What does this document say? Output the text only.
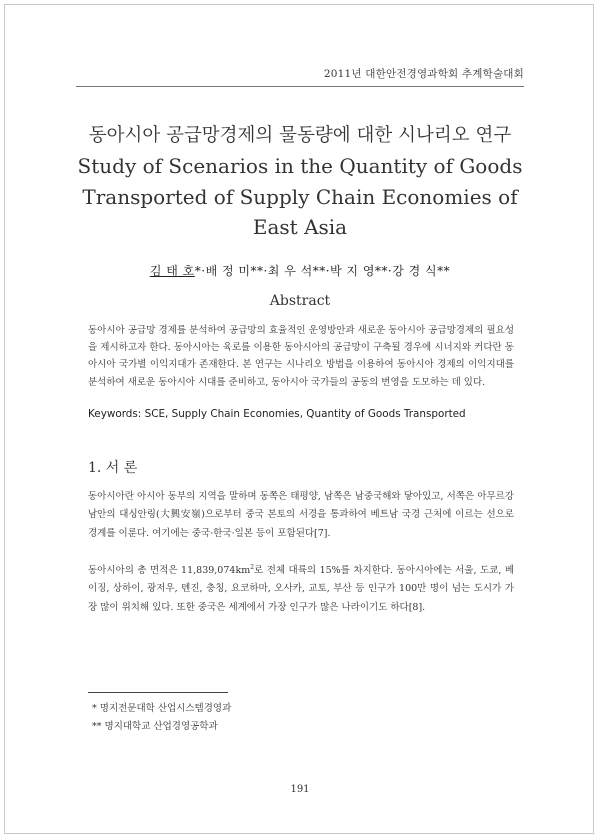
2011년 대한안전경영과학회 추계학술대회
동아시아 공급망경제의 물동량에 대한 시나리오 연구
Study of Scenarios in the Quantity of Goods
Transported of Supply Chain Economies of
East Asia
김 태 호*·배 정 미**·최 우 석**·박 지 영**·강 경 식**
Abstract

동아시아 공급망 경제를 분석하여 공급망의 효율적인 운영방안과 새로운 동아시아 공급망경제의 필요성을 제시하고자 한다. 동아시아는 육로를 이용한 동아시아의 공급망이 구축될 경우에 시너지와 커다란 동아시아 국가별 이익지대가 존재한다. 본 연구는 시나리오 방법을 이용하여 동아시아 경제의 이익지대를 분석하여 새로운 동아시아 시대를 준비하고, 동아시아 국가들의 공동의 번영을 도모하는 데 있다.

Keywords: SCE, Supply Chain Economies, Quantity of Goods Transported

1. 서 론

동아시아란 아시아 동부의 지역을 말하며 동쪽은 태평양, 남쪽은 남중국해와 닿아있고, 서쪽은 아무르강 남안의 대싱안링(大興安嶺)으로부터 중국 본토의 서경을 통과하여 베트남 국경 근처에 이르는 선으로 경계를 이룬다. 여기에는 중국·한국·일본 등이 포함된다[7].

동아시아의 총 면적은 $11,839,074km^2$로 전체 대륙의 15%를 차지한다. 동아시아에는 서울, 도쿄, 베이징, 상하이, 광저우, 톈진, 충칭, 요코하마, 오사카, 교토, 부산 등 인구가 100만 명이 넘는 도시가 가장 많이 위치해 있다. 또한 중국은 세계에서 가장 인구가 많은 나라이기도 하다[8].

* 명지전문대학 산업시스템경영과

** 명지대학교 산업경영공학과

191
